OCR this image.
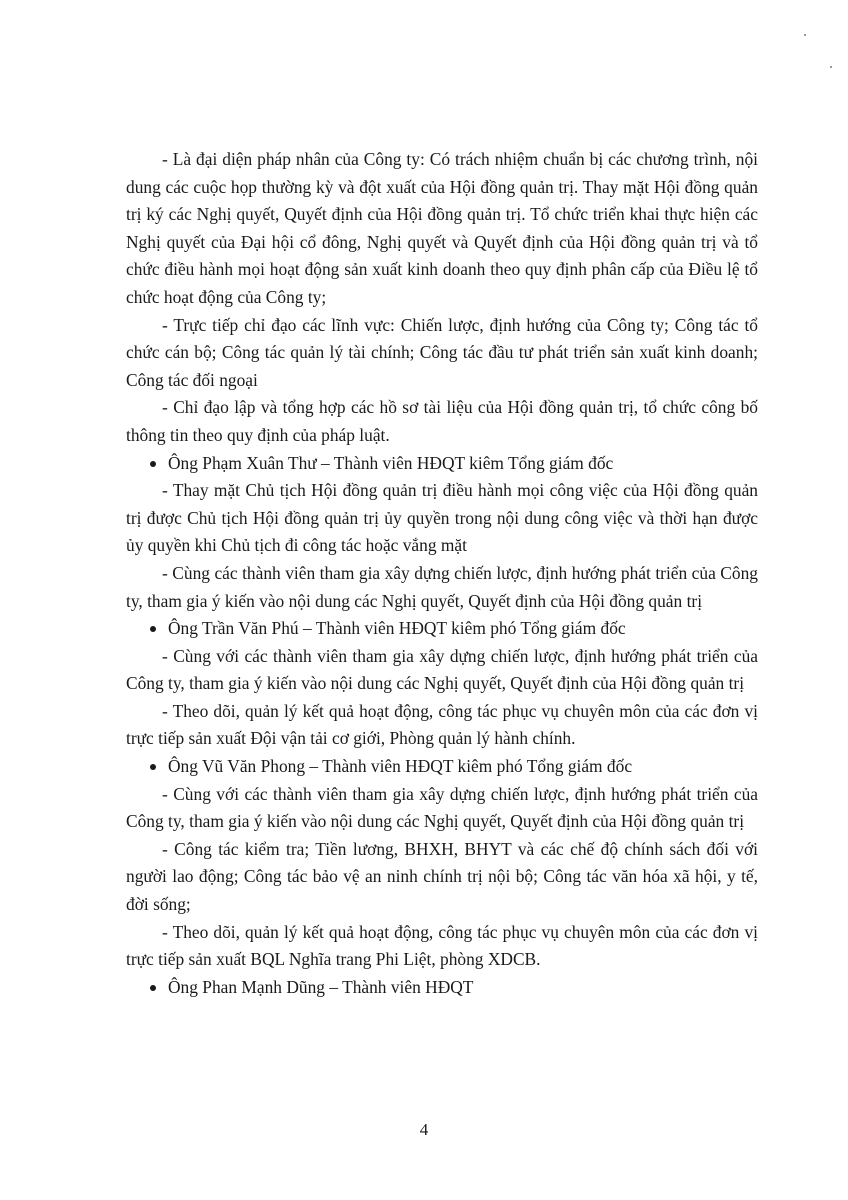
- Là đại diện pháp nhân của Công ty: Có trách nhiệm chuẩn bị các chương trình, nội dung các cuộc họp thường kỳ và đột xuất của Hội đồng quản trị. Thay mặt Hội đồng quản trị ký các Nghị quyết, Quyết định của Hội đồng quản trị. Tổ chức triển khai thực hiện các Nghị quyết của Đại hội cổ đông, Nghị quyết và Quyết định của Hội đồng quản trị và tổ chức điều hành mọi hoạt động sản xuất kinh doanh theo quy định phân cấp của Điều lệ tổ chức hoạt động của Công ty;

- Trực tiếp chỉ đạo các lĩnh vực: Chiến lược, định hướng của Công ty; Công tác tổ chức cán bộ; Công tác quản lý tài chính; Công tác đầu tư phát triển sản xuất kinh doanh; Công tác đối ngoại

- Chỉ đạo lập và tổng hợp các hồ sơ tài liệu của Hội đồng quản trị, tổ chức công bố thông tin theo quy định của pháp luật.

Ông Phạm Xuân Thư – Thành viên HĐQT kiêm Tổng giám đốc

- Thay mặt Chủ tịch Hội đồng quản trị điều hành mọi công việc của Hội đồng quản trị được Chủ tịch Hội đồng quản trị ủy quyền trong nội dung công việc và thời hạn được ủy quyền khi Chủ tịch đi công tác hoặc vắng mặt

- Cùng các thành viên tham gia xây dựng chiến lược, định hướng phát triển của Công ty, tham gia ý kiến vào nội dung các Nghị quyết, Quyết định của Hội đồng quản trị

Ông Trần Văn Phú – Thành viên HĐQT kiêm phó Tổng giám đốc

- Cùng với các thành viên tham gia xây dựng chiến lược, định hướng phát triển của Công ty, tham gia ý kiến vào nội dung các Nghị quyết, Quyết định của Hội đồng quản trị

- Theo dõi, quản lý kết quả hoạt động, công tác phục vụ chuyên môn của các đơn vị trực tiếp sản xuất Đội vận tải cơ giới, Phòng quản lý hành chính.

Ông Vũ Văn Phong – Thành viên HĐQT kiêm phó Tổng giám đốc

- Cùng với các thành viên tham gia xây dựng chiến lược, định hướng phát triển của Công ty, tham gia ý kiến vào nội dung các Nghị quyết, Quyết định của Hội đồng quản trị

- Công tác kiểm tra; Tiền lương, BHXH, BHYT và các chế độ chính sách đối với người lao động; Công tác bảo vệ an ninh chính trị nội bộ; Công tác văn hóa xã hội, y tế, đời sống;

- Theo dõi, quản lý kết quả hoạt động, công tác phục vụ chuyên môn của các đơn vị trực tiếp sản xuất BQL Nghĩa trang Phi Liệt, phòng XDCB.

Ông Phan Mạnh Dũng – Thành viên HĐQT

4
